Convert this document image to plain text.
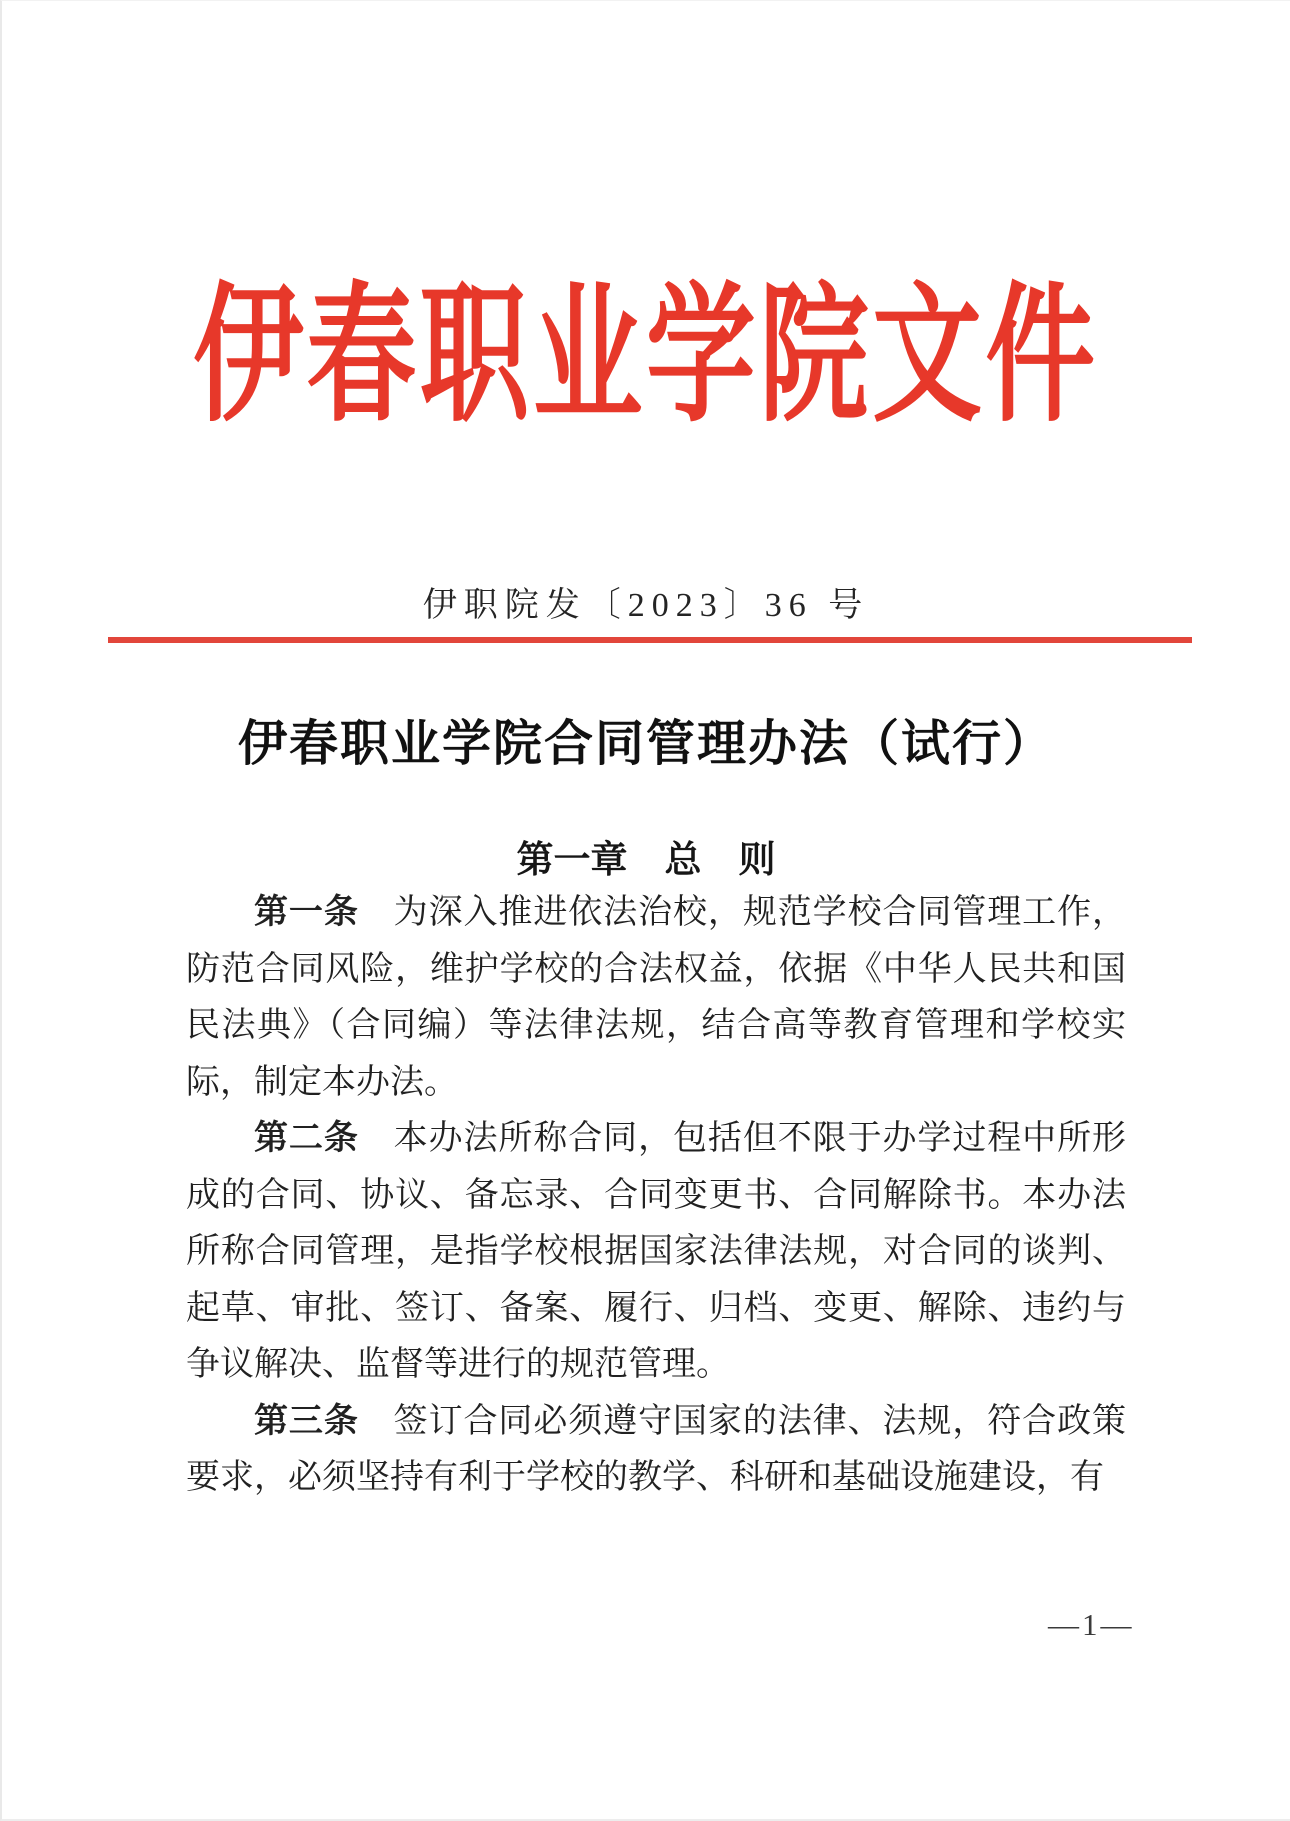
伊春职业学院文件
伊职院发〔2023〕36 号
伊春职业学院合同管理办法（试行）
第一章　总　则

第一条　为深入推进依法治校，规范学校合同管理工作，防范合同风险，维护学校的合法权益，依据《中华人民共和国民法典》（合同编）等法律法规，结合高等教育管理和学校实际，制定本办法。

第二条　本办法所称合同，包括但不限于办学过程中所形成的合同、协议、备忘录、合同变更书、合同解除书。本办法所称合同管理，是指学校根据国家法律法规，对合同的谈判、起草、审批、签订、备案、履行、归档、变更、解除、违约与争议解决、监督等进行的规范管理。

第三条　签订合同必须遵守国家的法律、法规，符合政策要求，必须坚持有利于学校的教学、科研和基础设施建设，有

—1—
